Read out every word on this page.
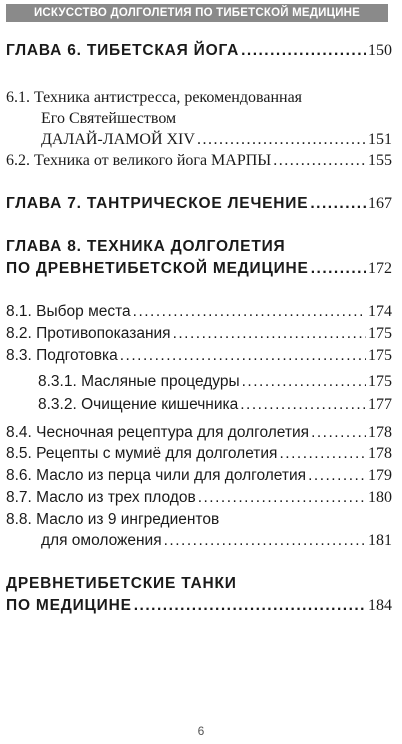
ИСКУССТВО ДОЛГОЛЕТИЯ ПО ТИБЕТСКОЙ МЕДИЦИНЕ
ГЛАВА 6. ТИБЕТСКАЯ ЙОГА .....	150
6.1. Техника антистресса, рекомендованная
Его Святейшеством
ДАЛАЙ-ЛАМОЙ XIV .....	151
6.2. Техника от великого йога МАРПЫ .....	155
ГЛАВА 7. ТАНТРИЧЕСКОЕ ЛЕЧЕНИЕ .....	167
ГЛАВА 8. ТЕХНИКА ДОЛГОЛЕТИЯ
ПО ДРЕВНЕТИБЕТСКОЙ МЕДИЦИНЕ .....	172
8.1. Выбор места .....	174
8.2. Противопоказания .....	175
8.3. Подготовка .....	175
8.3.1. Масляные процедуры .....	175
8.3.2. Очищение кишечника .....	177
8.4. Чесночная рецептура для долголетия .....	178
8.5. Рецепты с мумиё для долголетия .....	178
8.6. Масло из перца чили для долголетия .....	179
8.7. Масло из трех плодов .....	180
8.8. Масло из 9 ингредиентов
для омоложения .....	181
ДРЕВНЕТИБЕТСКИЕ ТАНКИ
ПО МЕДИЦИНЕ .....	184
6
